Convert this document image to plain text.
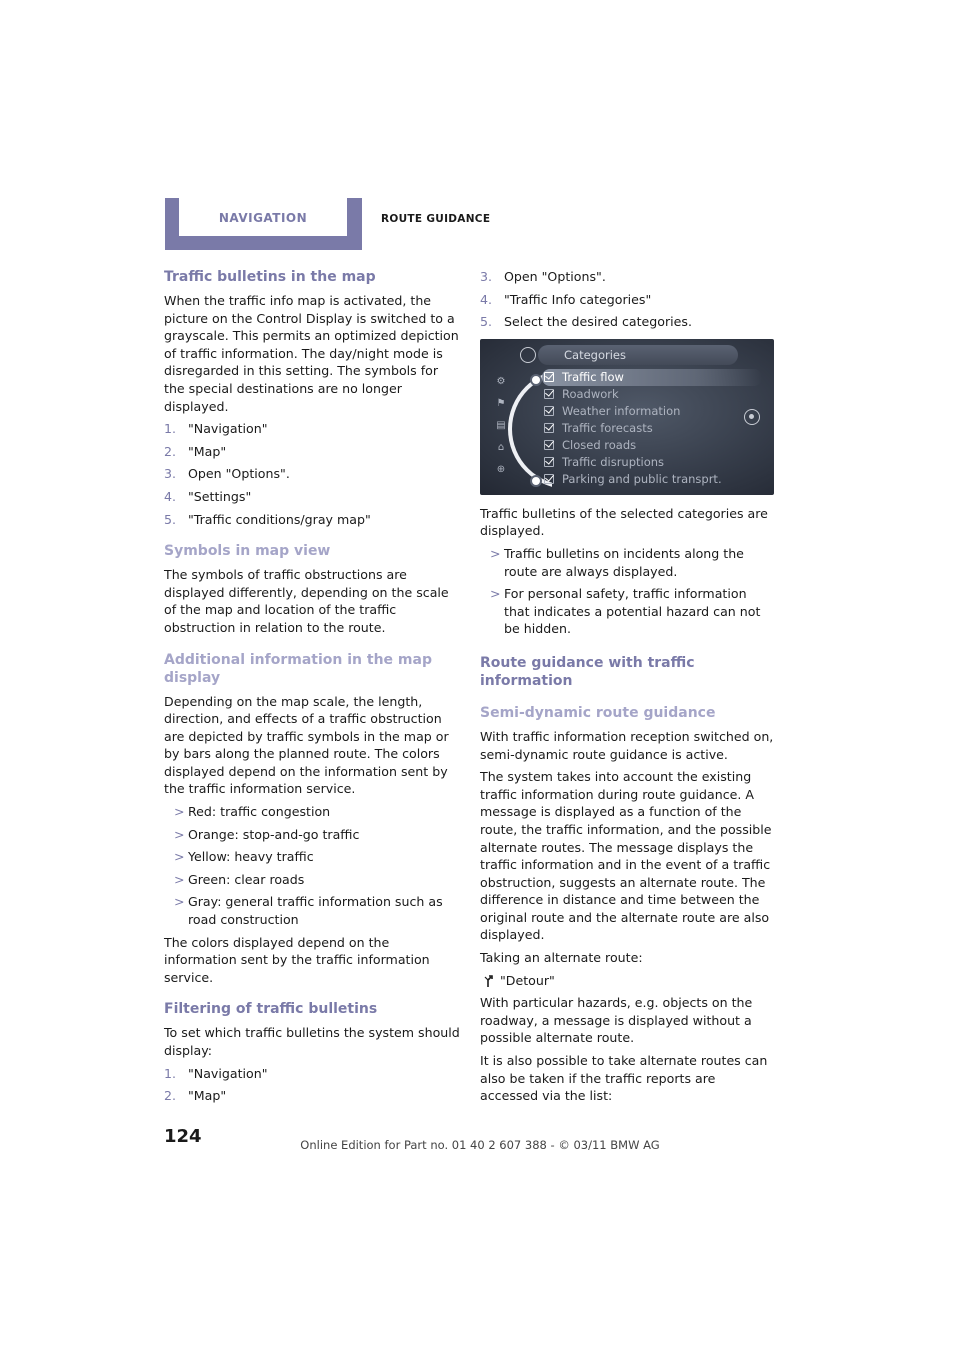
NAVIGATION	ROUTE GUIDANCE
Traffic bulletins in the map

When the traffic info map is activated, the picture on the Control Display is switched to a grayscale. This permits an optimized depiction of traffic information. The day/night mode is disregarded in this setting. The symbols for the special destinations are no longer displayed.

1. "Navigation"
2. "Map"
3. Open "Options".
4. "Settings"
5. "Traffic conditions/gray map"
Symbols in map view

The symbols of traffic obstructions are displayed differently, depending on the scale of the map and location of the traffic obstruction in relation to the route.

Additional information in the map display

Depending on the map scale, the length, direction, and effects of a traffic obstruction are depicted by traffic symbols in the map or by bars along the planned route. The colors displayed depend on the information sent by the traffic information service.

> Red: traffic congestion
> Orange: stop-and-go traffic
> Yellow: heavy traffic
> Green: clear roads
> Gray: general traffic information such as road construction

The colors displayed depend on the information sent by the traffic information service.

Filtering of traffic bulletins

To set which traffic bulletins the system should display:

1. "Navigation"
2. "Map"
3. Open "Options".
4. "Traffic Info categories"
5. Select the desired categories.
Categories
⚙
⚑
▤
⌂
⊕
Traffic flow
Roadwork
Weather information
Traffic forecasts
Closed roads
Traffic disruptions
Parking and public transprt.

Traffic bulletins of the selected categories are displayed.

> Traffic bulletins on incidents along the route are always displayed.
> For personal safety, traffic information that indicates a potential hazard can not be hidden.
Route guidance with traffic information
Semi-dynamic route guidance

With traffic information reception switched on, semi-dynamic route guidance is active.

The system takes into account the existing traffic information during route guidance. A message is displayed as a function of the route, the traffic information, and the possible alternate routes. The message displays the traffic information and in the event of a traffic obstruction, suggests an alternate route. The difference in distance and time between the original route and the alternate route are also displayed.

Taking an alternate route:

"Detour"

With particular hazards, e.g. objects on the roadway, a message is displayed without a possible alternate route.

It is also possible to take alternate routes can also be taken if the traffic reports are accessed via the list:

124	Online Edition for Part no. 01 40 2 607 388 - © 03/11 BMW AG
